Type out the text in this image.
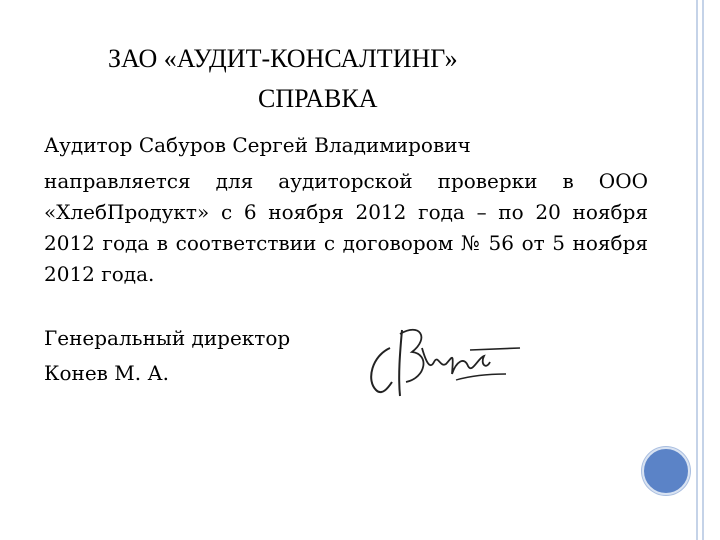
ЗАО «АУДИТ-КОНСАЛТИНГ»
СПРАВКА
Аудитор Сабуров Сергей Владимирович
направляется для аудиторской проверки в ООО «ХлебПродукт» с 6 ноября 2012 года – по 20 ноября 2012 года в соответствии с договором № 56 от 5 ноября 2012 года.
Генеральный директор
Конев М. А.
